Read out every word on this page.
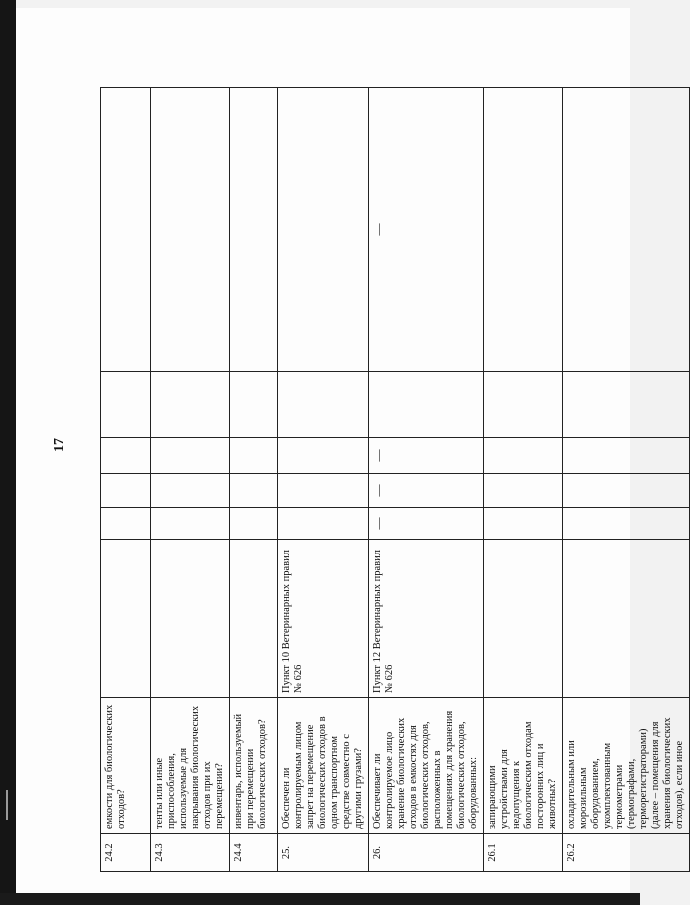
17
24.2	емкости для биологических отходов?						
24.3	тенты или иные приспособления, используемые для накрывания биологических отходов при их перемещении?						
24.4	инвентарь, используемый при перемещении биологических отходов?						
25.	Обеспечен ли контролируемым лицом запрет на перемещение биологических отходов в одном транспортном средстве совместно с другими грузами?	Пункт 10 Ветеринарных правил № 626					
26.	Обеспечивает ли контролируемое лицо хранение биологических отходов в емкостях для биологических отходов, расположенных в помещениях для хранения биологических отходов, оборудованных:	Пункт 12 Ветеринарных правил № 626	—	—	—		—
26.1	запирающими устройствами для недопущения к биологическим отходам посторонних лиц и животных?						
26.2	охладительным или морозильным оборудованием, укомплектованным термометрами (термографами, терморегистраторами) (далее – помещения для хранения биологических отходов), если иное						
